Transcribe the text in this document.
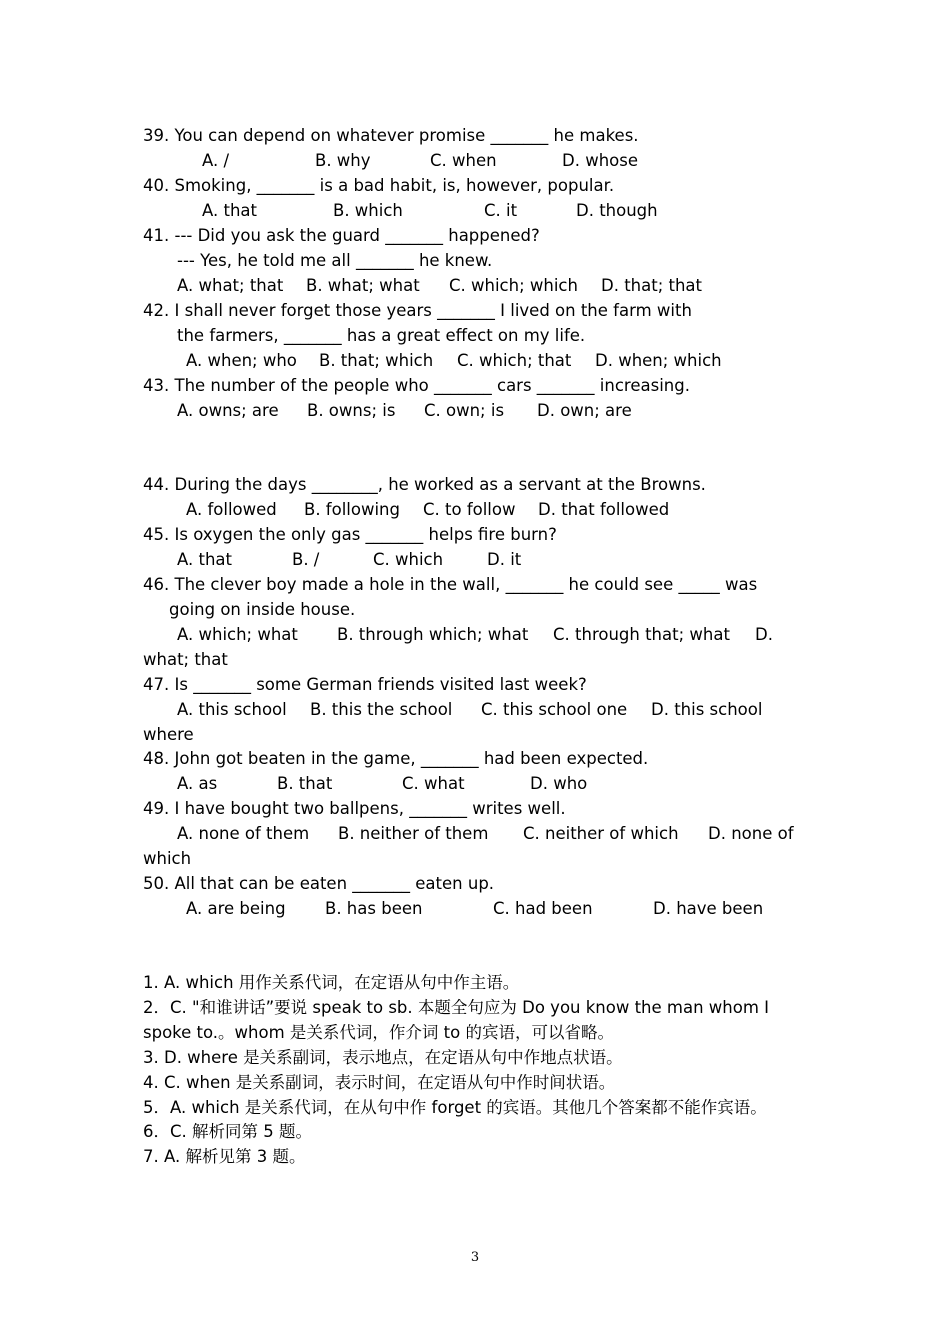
39. You can depend on whatever promise _______ he makes.
A. /	B. why	C. when	D. whose
40. Smoking, _______ is a bad habit, is, however, popular.
A. that	B. which	C. it	D. though
41. --- Did you ask the guard _______ happened?
--- Yes, he told me all _______ he knew.
A. what; that B. what; what C. which; which D. that; that
42. I shall never forget those years _______ I lived on the farm with
the farmers, _______ has a great effect on my life.
A. when; who B. that; which C. which; that D. when; which
43. The number of the people who _______ cars _______ increasing.
A. owns; are B. owns; is C. own; is D. own; are
44. During the days ________, he worked as a servant at the Browns.
A. followed B. following C. to follow D. that followed
45. Is oxygen the only gas _______ helps fire burn?
A. that	B. /	C. which	D. it
46. The clever boy made a hole in the wall, _______ he could see _____ was
going on inside house.
A. which; what B. through which; what C. through that; what D.
what; that
47. Is _______ some German friends visited last week?
A. this school B. this the school C. this school one D. this school
where
48. John got beaten in the game, _______ had been expected.
A. as	B. that	C. what	D. who
49. I have bought two ballpens, _______ writes well.
A. none of them B. neither of them C. neither of which D. none of
which
50. All that can be eaten _______ eaten up.
A. are being B. has been	C. had been	D. have been
1. A. which 用作关系代词，在定语从句中作主语。
2．C. "和谁讲话”要说 speak to sb. 本题全句应为 Do you know the man whom I
spoke to.。whom 是关系代词，作介词 to 的宾语，可以省略。
3. D. where 是关系副词，表示地点，在定语从句中作地点状语。
4. C. when 是关系副词，表示时间，在定语从句中作时间状语。
5．A. which 是关系代词，在从句中作 forget 的宾语。其他几个答案都不能作宾语。
6．C. 解析同第 5 题。
7. A. 解析见第 3 题。
3
